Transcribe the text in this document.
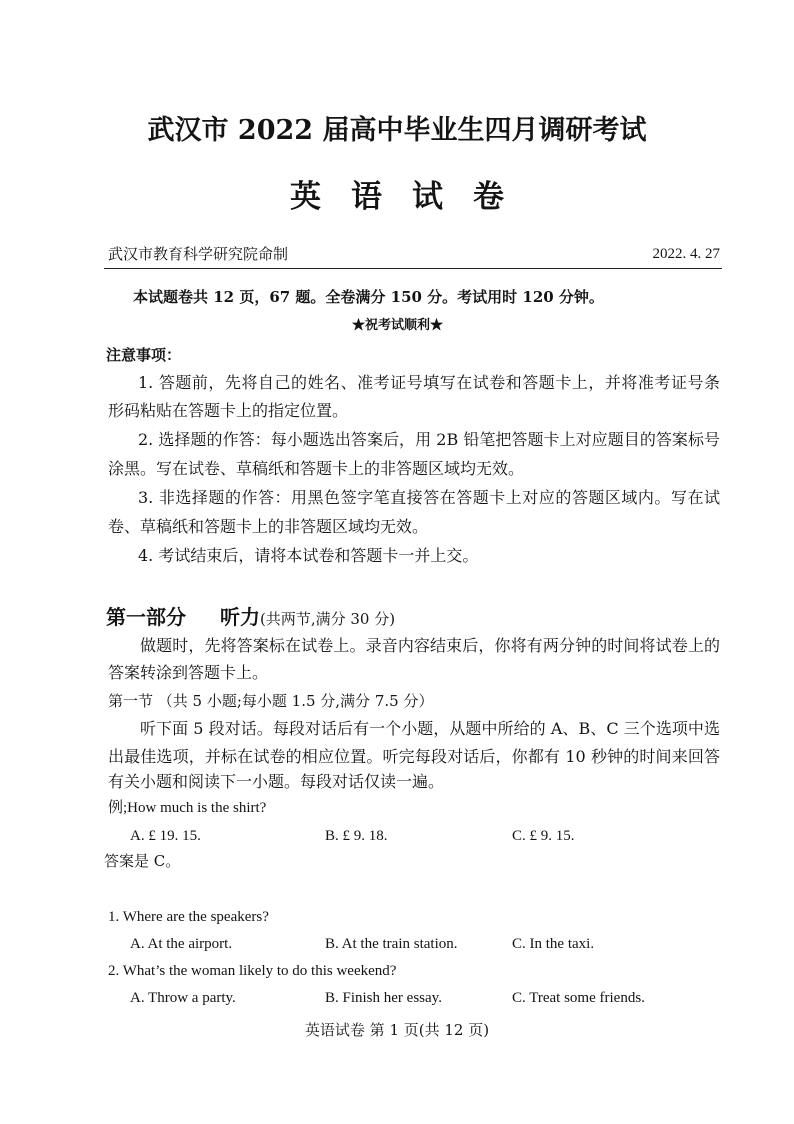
武汉市 2022 届高中毕业生四月调研考试
英语试卷
武汉市教育科学研究院命制	2022. 4. 27
本试题卷共 12 页，67 题。全卷满分 150 分。考试用时 120 分钟。
★祝考试顺利★
注意事项：
1. 答题前，先将自己的姓名、准考证号填写在试卷和答题卡上，并将准考证号条
形码粘贴在答题卡上的指定位置。
2. 选择题的作答：每小题选出答案后，用 2B 铅笔把答题卡上对应题目的答案标号
涂黑。写在试卷、草稿纸和答题卡上的非答题区域均无效。
3. 非选择题的作答：用黑色签字笔直接答在答题卡上对应的答题区域内。写在试
卷、草稿纸和答题卡上的非答题区域均无效。
4. 考试结束后，请将本试卷和答题卡一并上交。
第一部分 听力(共两节,满分 30 分)
做题时，先将答案标在试卷上。录音内容结束后，你将有两分钟的时间将试卷上的
答案转涂到答题卡上。
第一节 （共 5 小题;每小题 1.5 分,满分 7.5 分）
听下面 5 段对话。每段对话后有一个小题，从题中所给的 A、B、C 三个选项中选
出最佳选项，并标在试卷的相应位置。听完每段对话后，你都有 10 秒钟的时间来回答
有关小题和阅读下一小题。每段对话仅读一遍。
例;How much is the shirt?
A. £ 19. 15.	B. £ 9. 18.	C. £ 9. 15.
答案是 C。
1. Where are the speakers?
A. At the airport.	B. At the train station.	C. In the taxi.
2. What’s the woman likely to do this weekend?
A. Throw a party.	B. Finish her essay.	C. Treat some friends.
英语试卷 第 1 页(共 12 页)
